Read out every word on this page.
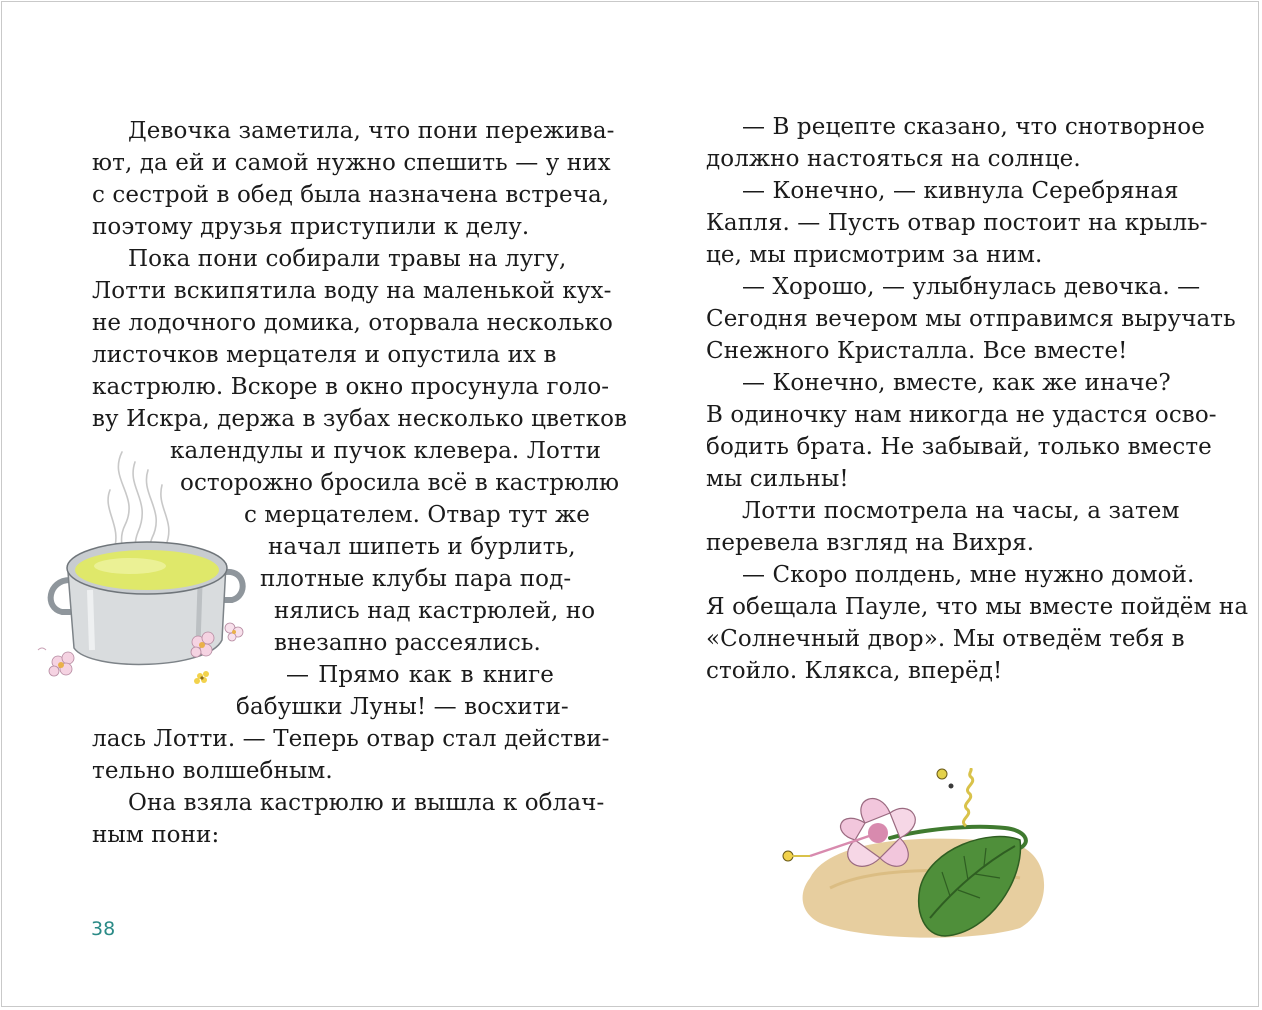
Девочка заметила, что пони пережива-
ют, да ей и самой нужно спешить — у них
с сестрой в обед была назначена встреча,
поэтому друзья приступили к делу.
Пока пони собирали травы на лугу,
Лотти вскипятила воду на маленькой кух-
не лодочного домика, оторвала несколько
листочков мерцателя и опустила их в
кастрюлю. Вскоре в окно просунула голо-
ву Искра, держа в зубах несколько цветков
календулы и пучок клевера. Лотти
осторожно бросила всё в кастрюлю
с мерцателем. Отвар тут же
начал шипеть и бурлить,
плотные клубы пара под-
нялись над кастрюлей, но
внезапно рассеялись.
— Прямо как в книге
бабушки Луны! — восхити-
лась Лотти. — Теперь отвар стал действи-
тельно волшебным.
Она взяла кастрюлю и вышла к облач-
ным пони:
38
— В рецепте сказано, что снотворное
должно настояться на солнце.
— Конечно, — кивнула Серебряная
Капля. — Пусть отвар постоит на крыль-
це, мы присмотрим за ним.
— Хорошо, — улыбнулась девочка. —
Сегодня вечером мы отправимся выручать
Снежного Кристалла. Все вместе!
— Конечно, вместе, как же иначе?
В одиночку нам никогда не удастся осво-
бодить брата. Не забывай, только вместе
мы сильны!
Лотти посмотрела на часы, а затем
перевела взгляд на Вихря.
— Скоро полдень, мне нужно домой.
Я обещала Пауле, что мы вместе пойдём на
«Солнечный двор». Мы отведём тебя в
стойло. Клякса, вперёд!
